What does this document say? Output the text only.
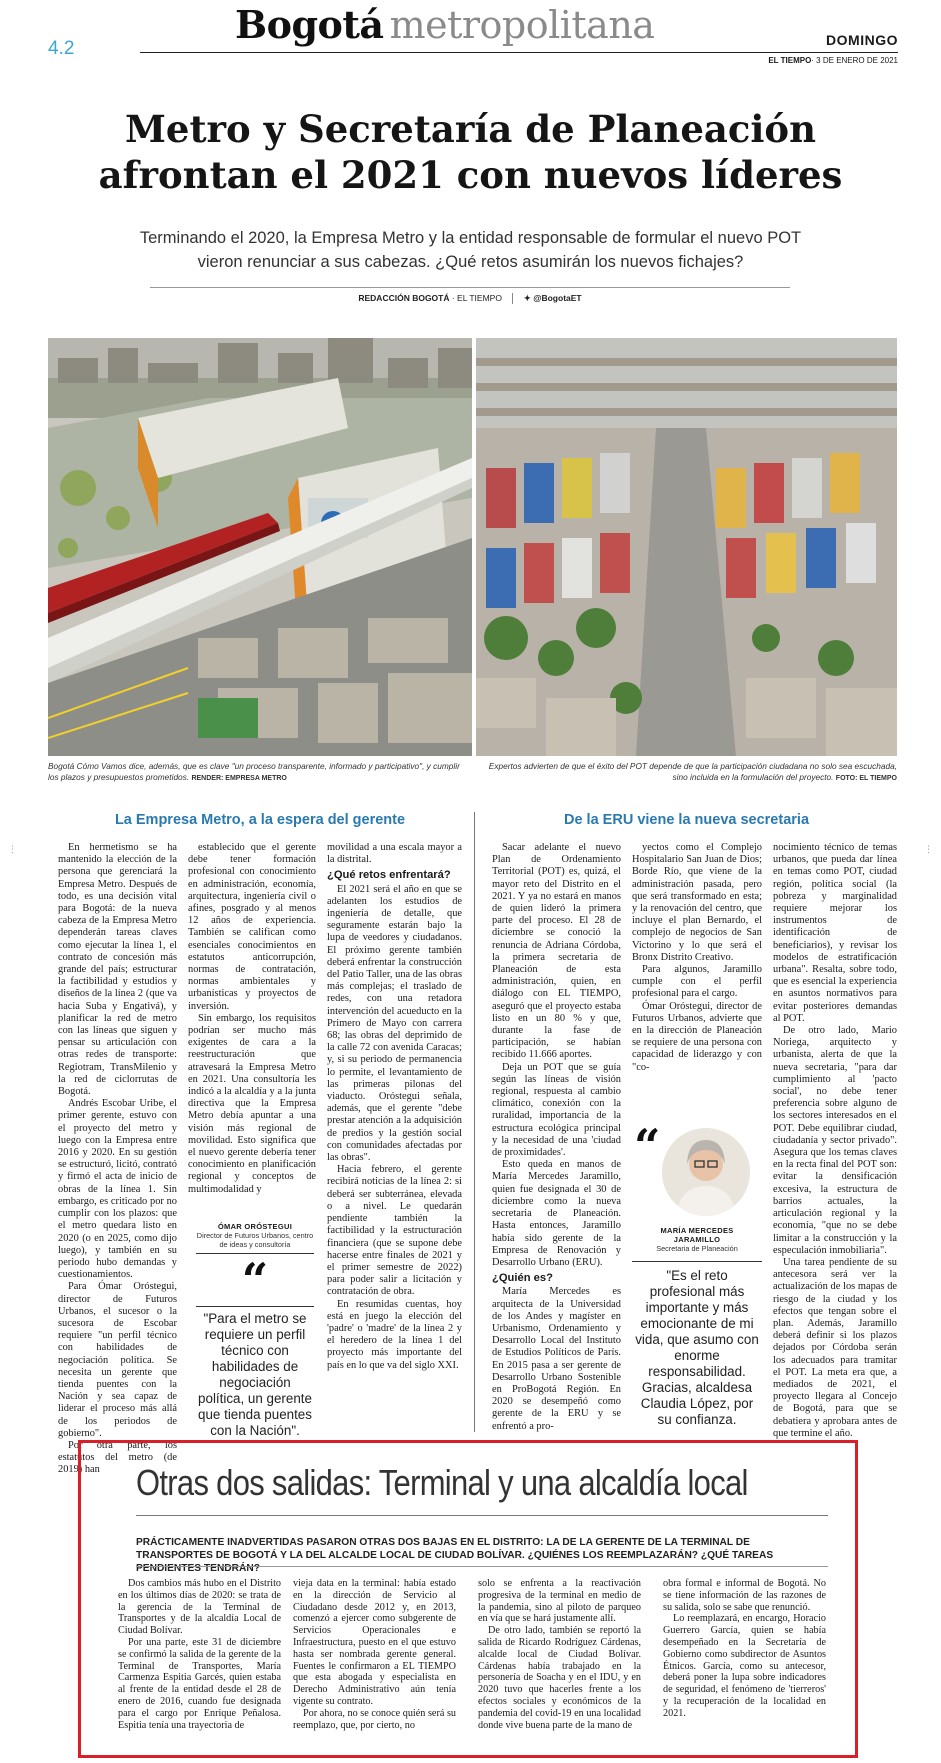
4.2
Bogotá metropolitana	DOMINGO
EL TIEMPO· 3 DE ENERO DE 2021
Metro y Secretaría de Planeación
afrontan el 2021 con nuevos líderes

Terminando el 2020, la Empresa Metro y la entidad responsable de formular el nuevo POT vieron renunciar a sus cabezas. ¿Qué retos asumirán los nuevos fichajes?

REDACCIÓN BOGOTÁ · EL TIEMPO	✦ @BogotaET
Bogotá Cómo Vamos dice, además, que es clave "un proceso transparente, informado y participativo", y cumplir los plazos y presupuestos prometidos. RENDER: EMPRESA METRO
Expertos advierten de que el éxito del POT depende de que la participación ciudadana no solo sea escuchada, sino incluida en la formulación del proyecto. FOTO: EL TIEMPO
⋮	⋮
La Empresa Metro, a la espera del gerente

En hermetismo se ha mantenido la elección de la persona que gerenciará la Empresa Metro. Después de todo, es una decisión vital para Bogotá: de la nueva cabeza de la Empresa Metro dependerán tareas claves como ejecutar la línea 1, el contrato de concesión más grande del país; estructurar la factibilidad y estudios y diseños de la línea 2 (que va hacia Suba y Engativá), y planificar la red de metro con las líneas que siguen y pensar su articulación con otras redes de transporte: Regiotram, TransMilenio y la red de ciclorrutas de Bogotá.

Andrés Escobar Uribe, el primer gerente, estuvo con el proyecto del metro y luego con la Empresa entre 2016 y 2020. En su gestión se estructuró, licitó, contrató y firmó el acta de inicio de obras de la línea 1. Sin embargo, es criticado por no cumplir con los plazos: que el metro quedara listo en 2020 (o en 2025, como dijo luego), y también en su periodo hubo demandas y cuestionamientos.

Para Ómar Oróstegui, director de Futuros Urbanos, el sucesor o la sucesora de Escobar requiere "un perfil técnico con habilidades de negociación política. Se necesita un gerente que tienda puentes con la Nación y sea capaz de liderar el proceso más allá de los periodos de gobierno".

Por otra parte, los estatutos del metro (de 2019) han

establecido que el gerente debe tener formación profesional con conocimiento en administración, economía, arquitectura, ingeniería civil o afines, posgrado y al menos 12 años de experiencia. También se califican como esenciales conocimientos en estatutos anticorrupción, normas de contratación, normas ambientales y urbanísticas y proyectos de inversión.

Sin embargo, los requisitos podrían ser mucho más exigentes de cara a la reestructuración que atravesará la Empresa Metro en 2021. Una consultoría les indicó a la alcaldía y a la junta directiva que la Empresa Metro debía apuntar a una visión más regional de movilidad. Esto significa que el nuevo gerente debería tener conocimiento en planificación regional y conceptos de multimodalidad y

ÓMAR ORÓSTEGUI
Director de Futuros Urbanos, centro de ideas y consultoría
“
"Para el metro se requiere un perfil técnico con habilidades de negociación política, un gerente que tienda puentes con la Nación".

movilidad a una escala mayor a la distrital.

¿Qué retos enfrentará?

El 2021 será el año en que se adelanten los estudios de ingeniería de detalle, que seguramente estarán bajo la lupa de veedores y ciudadanos. El próximo gerente también deberá enfrentar la construcción del Patio Taller, una de las obras más complejas; el traslado de redes, con una retadora intervención del acueducto en la Primero de Mayo con carrera 68; las obras del deprimido de la calle 72 con avenida Caracas; y, si su periodo de permanencia lo permite, el levantamiento de las primeras pilonas del viaducto. Oróstegui señala, además, que el gerente "debe prestar atención a la adquisición de predios y la gestión social con comunidades afectadas por las obras".

Hacia febrero, el gerente recibirá noticias de la línea 2: si deberá ser subterránea, elevada o a nivel. Le quedarán pendiente también la factibilidad y la estructuración financiera (que se supone debe hacerse entre finales de 2021 y el primer semestre de 2022) para poder salir a licitación y contratación de obra.

En resumidas cuentas, hoy está en juego la elección del 'padre' o 'madre' de la línea 2 y el heredero de la línea 1 del proyecto más importante del país en lo que va del siglo XXI.

De la ERU viene la nueva secretaria

Sacar adelante el nuevo Plan de Ordenamiento Territorial (POT) es, quizá, el mayor reto del Distrito en el 2021. Y ya no estará en manos de quien lideró la primera parte del proceso. El 28 de diciembre se conoció la renuncia de Adriana Córdoba, la primera secretaria de Planeación de esta administración, quien, en diálogo con EL TIEMPO, aseguró que el proyecto estaba listo en un 80 % y que, durante la fase de participación, se habían recibido 11.666 aportes.

Deja un POT que se guía según las líneas de visión regional, respuesta al cambio climático, conexión con la ruralidad, importancia de la estructura ecológica principal y la necesidad de una 'ciudad de proximidades'.

Esto queda en manos de María Mercedes Jaramillo, quien fue designada el 30 de diciembre como la nueva secretaria de Planeación. Hasta entonces, Jaramillo había sido gerente de la Empresa de Renovación y Desarrollo Urbano (ERU).

¿Quién es?

María Mercedes es arquitecta de la Universidad de los Andes y magíster en Urbanismo, Ordenamiento y Desarrollo Local del Instituto de Estudios Políticos de París. En 2015 pasa a ser gerente de Desarrollo Urbano Sostenible en ProBogotá Región. En 2020 se desempeñó como gerente de la ERU y se enfrentó a pro-

yectos como el Complejo Hospitalario San Juan de Dios; Borde Río, que viene de la administración pasada, pero que será transformado en esta; y la renovación del centro, que incluye el plan Bernardo, el complejo de negocios de San Victorino y lo que será el Bronx Distrito Creativo.

Para algunos, Jaramillo cumple con el perfil profesional para el cargo.

Ómar Oróstegui, director de Futuros Urbanos, advierte que en la dirección de Planeación se requiere de una persona con capacidad de liderazgo y con "co-

“
MARÍA MERCEDES JARAMILLO
Secretaria de Planeación
"Es el reto profesional más importante y más emocionante de mi vida, que asumo con enorme responsabilidad. Gracias, alcaldesa Claudia López, por su confianza.

nocimiento técnico de temas urbanos, que pueda dar línea en temas como POT, ciudad región, política social (la pobreza y marginalidad requiere mejorar los instrumentos de identificación de beneficiarios), y revisar los modelos de estratificación urbana". Resalta, sobre todo, que es esencial la experiencia en asuntos normativos para evitar posteriores demandas al POT.

De otro lado, Mario Noriega, arquitecto y urbanista, alerta de que la nueva secretaria, "para dar cumplimiento al 'pacto social', no debe tener preferencia sobre alguno de los sectores interesados en el POT. Debe equilibrar ciudad, ciudadanía y sector privado". Asegura que los temas claves en la recta final del POT son: evitar la densificación excesiva, la estructura de barrios actuales, la articulación regional y la economía, "que no se debe limitar a la construcción y la especulación inmobiliaria".

Una tarea pendiente de su antecesora será ver la actualización de los mapas de riesgo de la ciudad y los efectos que tengan sobre el plan. Además, Jaramillo deberá definir si los plazos dejados por Córdoba serán los adecuados para tramitar el POT. La meta era que, a mediados de 2021, el proyecto llegara al Concejo de Bogotá, para que se debatiera y aprobara antes de que termine el año.

Otras dos salidas: Terminal y una alcaldía local

PRÁCTICAMENTE INADVERTIDAS PASARON OTRAS DOS BAJAS EN EL DISTRITO: LA DE LA GERENTE DE LA TERMINAL DE TRANSPORTES DE BOGOTÁ Y LA DEL ALCALDE LOCAL DE CIUDAD BOLÍVAR. ¿QUIÉNES LOS REEMPLAZARÁN? ¿QUÉ TAREAS PENDIENTES TENDRÁN?

Dos cambios más hubo en el Distrito en los últimos días de 2020: se trata de la gerencia de la Terminal de Transportes y de la alcaldía Local de Ciudad Bolívar.

Por una parte, este 31 de diciembre se confirmó la salida de la gerente de la Terminal de Transportes, María Carmenza Espitia Garcés, quien estaba al frente de la entidad desde el 28 de enero de 2016, cuando fue designada para el cargo por Enrique Peñalosa. Espitia tenía una trayectoria de

vieja data en la terminal: había estado en la dirección de Servicio al Ciudadano desde 2012 y, en 2013, comenzó a ejercer como subgerente de Servicios Operacionales e Infraestructura, puesto en el que estuvo hasta ser nombrada gerente general. Fuentes le confirmaron a EL TIEMPO que esta abogada y especialista en Derecho Administrativo aún tenía vigente su contrato.

Por ahora, no se conoce quién será su reemplazo, que, por cierto, no

solo se enfrenta a la reactivación progresiva de la terminal en medio de la pandemia, sino al piloto de parqueo en vía que se hará justamente allí.

De otro lado, también se reportó la salida de Ricardo Rodríguez Cárdenas, alcalde local de Ciudad Bolívar. Cárdenas había trabajado en la personería de Soacha y en el IDU, y en 2020 tuvo que hacerles frente a los efectos sociales y económicos de la pandemia del covid-19 en una localidad donde vive buena parte de la mano de

obra formal e informal de Bogotá. No se tiene información de las razones de su salida, solo se sabe que renunció.

Lo reemplazará, en encargo, Horacio Guerrero García, quien se había desempeñado en la Secretaría de Gobierno como subdirector de Asuntos Étnicos. García, como su antecesor, deberá poner la lupa sobre indicadores de seguridad, el fenómeno de 'tierreros' y la recuperación de la localidad en 2021.
